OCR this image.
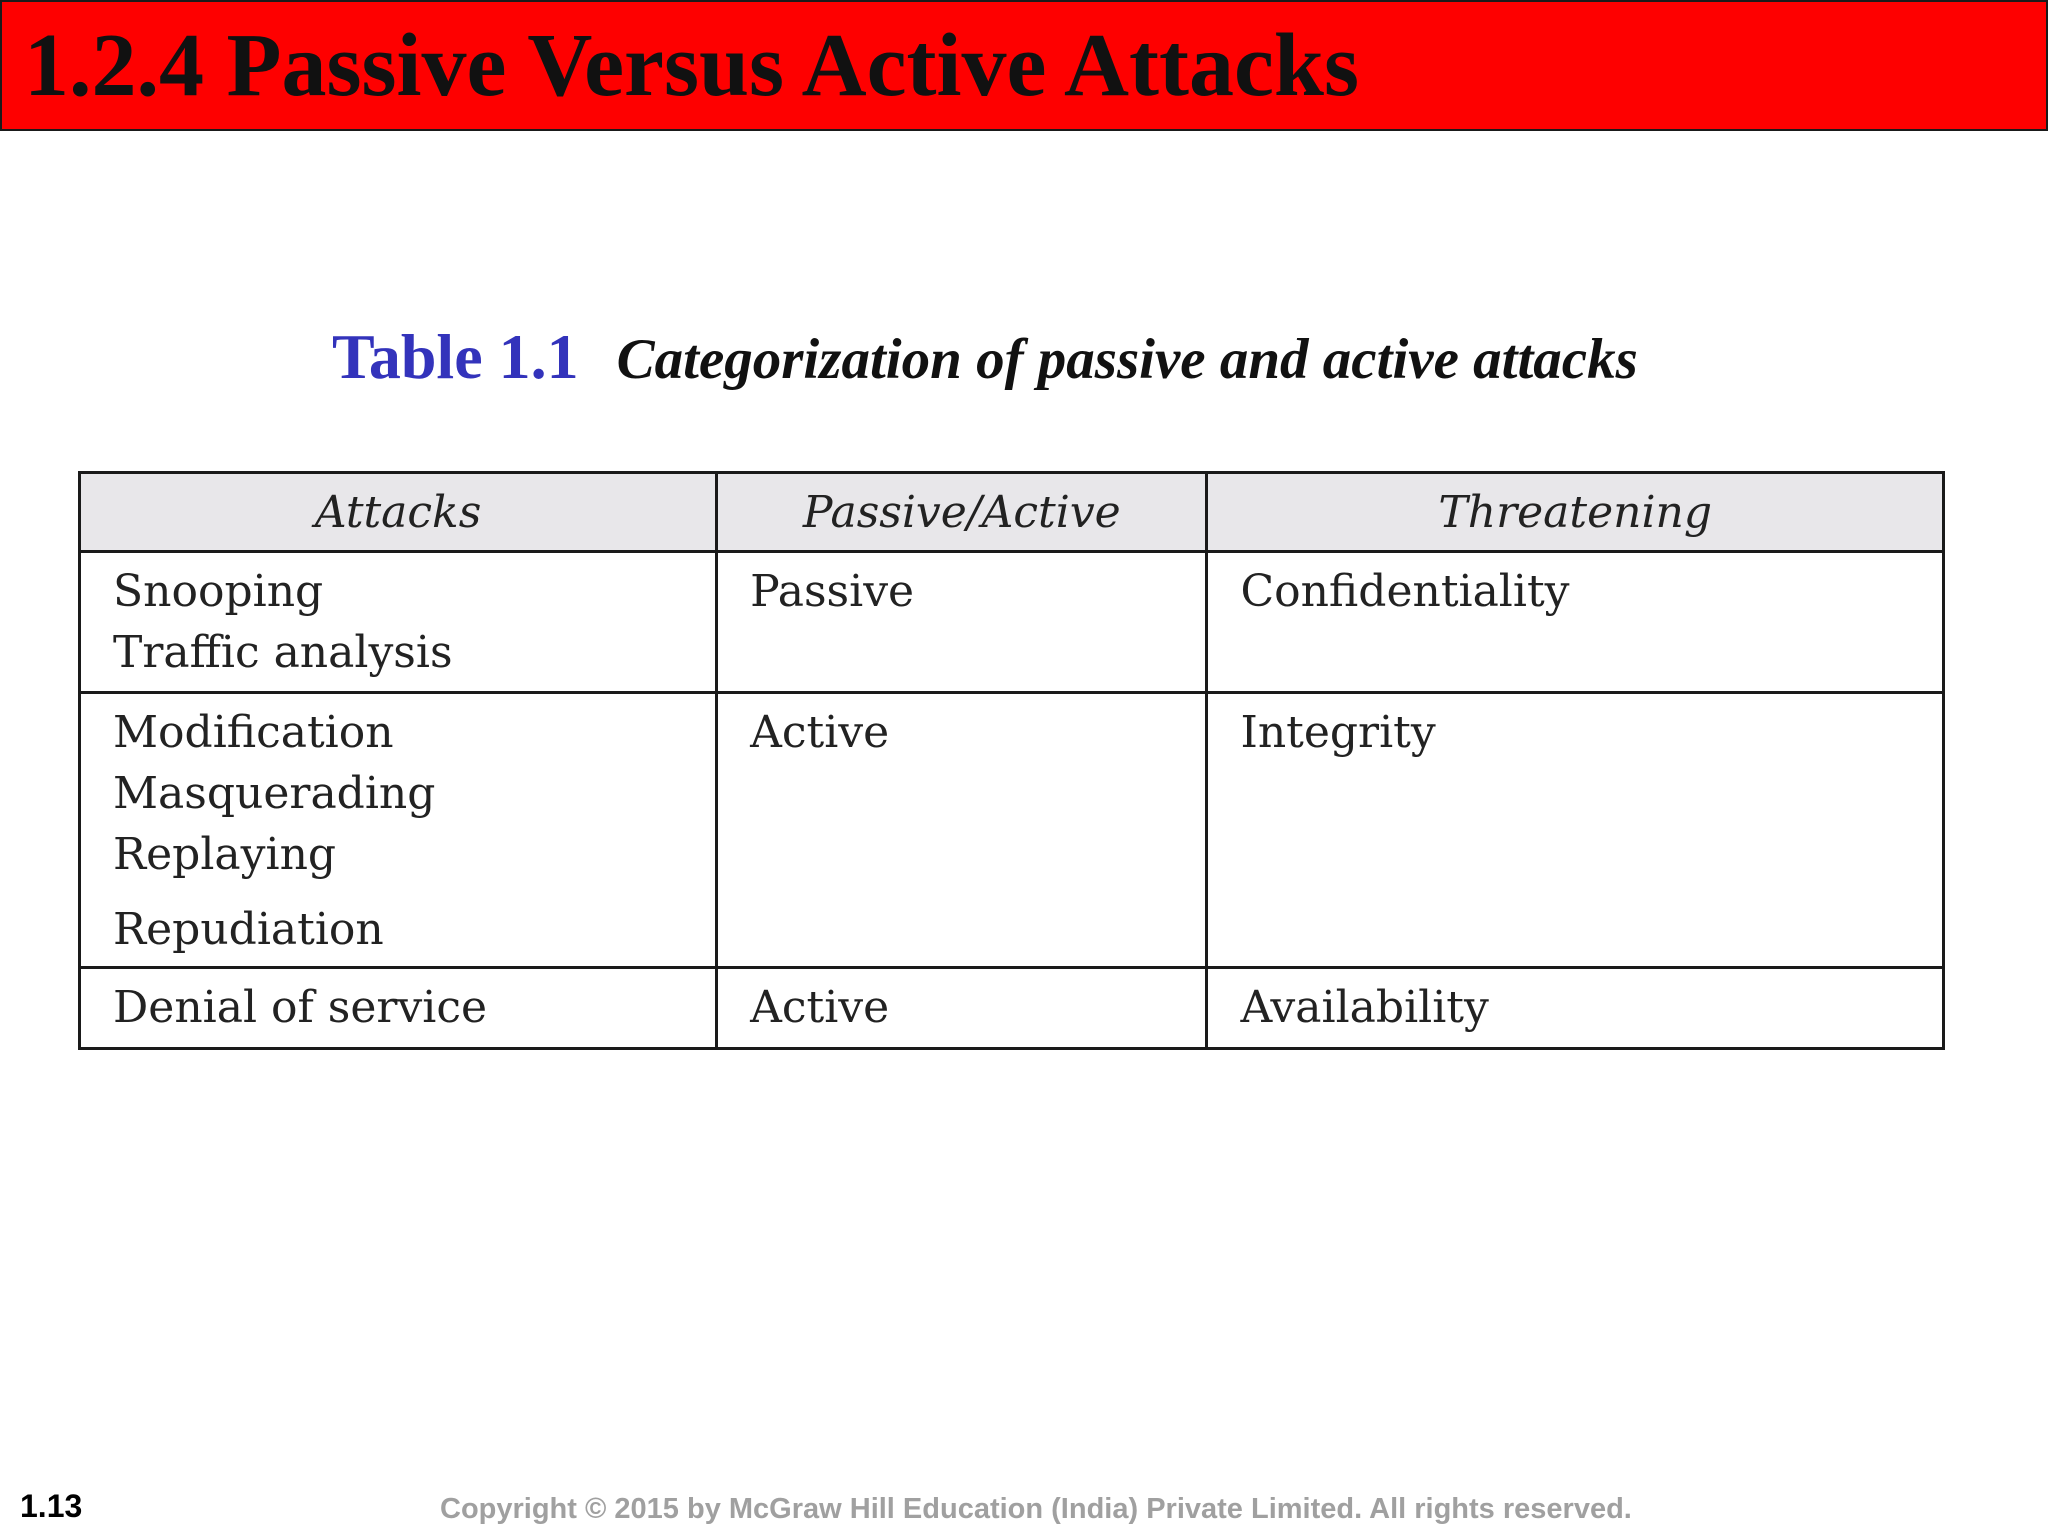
1.2.4 Passive Versus Active Attacks
Table 1.1 Categorization of passive and active attacks
Attacks	Passive/Active	Threatening

Snooping
Traffic analysis	Passive	Confidentiality

Modification
Masquerading
Replaying
Repudiation	Active	Integrity

Denial of service	Active	Availability
1.13	Copyright © 2015 by McGraw Hill Education (India) Private Limited. All rights reserved.
